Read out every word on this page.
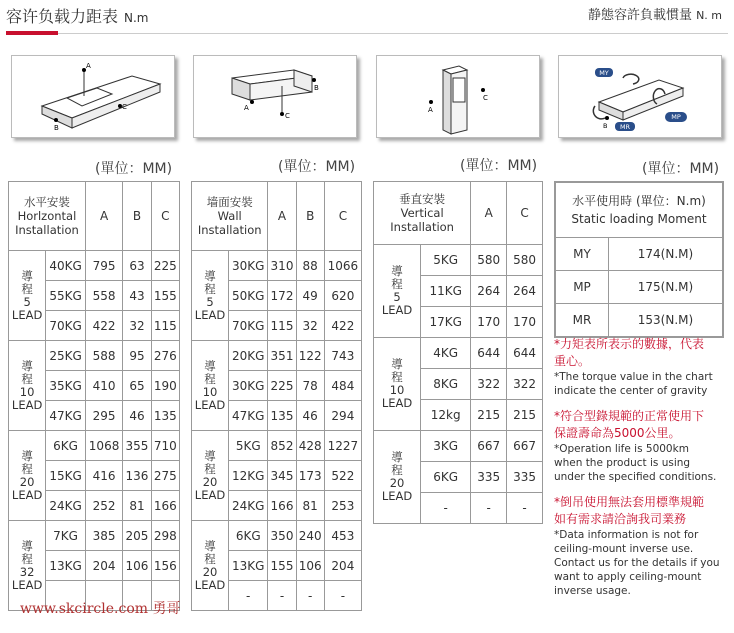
容许负载力距表 N.m	静態容許負載慣量 N. m
A
C
B
A
B
C
A
C
MY
MP
MR
B
(單位：MM)	(單位：MM)	(單位：MM)	(單位：MM)
水平安裝
Horlzontal
Installation		A	B	C

導
程
5
LEAD	40KG	795	63	225
	55KG	558	43	155
	70KG	422	32	115

導
程
10
LEAD	25KG	588	95	276
	35KG	410	65	190
	47KG	295	46	135

導
程
20
LEAD	6KG	1068	355	710
	15KG	416	136	275
	24KG	252	81	166

導
程
32
LEAD	7KG	385	205	298
	13KG	204	106	156

墙面安裝
Wall
Installation		A	B	C

導
程
5
LEAD	30KG	310	88	1066
	50KG	172	49	620
	70KG	115	32	422

導
程
10
LEAD	20KG	351	122	743
	30KG	225	78	484
	47KG	135	46	294

導
程
20
LEAD	5KG	852	428	1227
	12KG	345	173	522
	24KG	166	81	253

導
程
20
LEAD	6KG	350	240	453
	13KG	155	106	204
	-	-	-	-
垂直安裝
Vertical
Installation		A	C

導
程
5
LEAD	5KG	580	580
	11KG	264	264
	17KG	170	170

導
程
10
LEAD	4KG	644	644
	8KG	322	322
	12kg	215	215

導
程
20
LEAD	3KG	667	667
	6KG	335	335
	-	-	-
水平使用時 (單位：N.m)
Static loading Moment	

MY	174(N.M)
MP	175(N.M)
MR	153(N.M)
*力矩表所表示的數據，代表
重心。
*The torque value in the chart
indicate the center of gravity
*符合型錄規範的正常使用下
保證壽命為5000公里。
*Operation life is 5000km
when the product is using
under the specified conditions.
*倒吊使用無法套用標準規範
如有需求請洽詢我司業務
*Data information is not for
ceiling-mount inverse use.
Contact us for the details if you
want to apply ceiling-mount
inverse usage.
www.skcircle.com 勇哥
